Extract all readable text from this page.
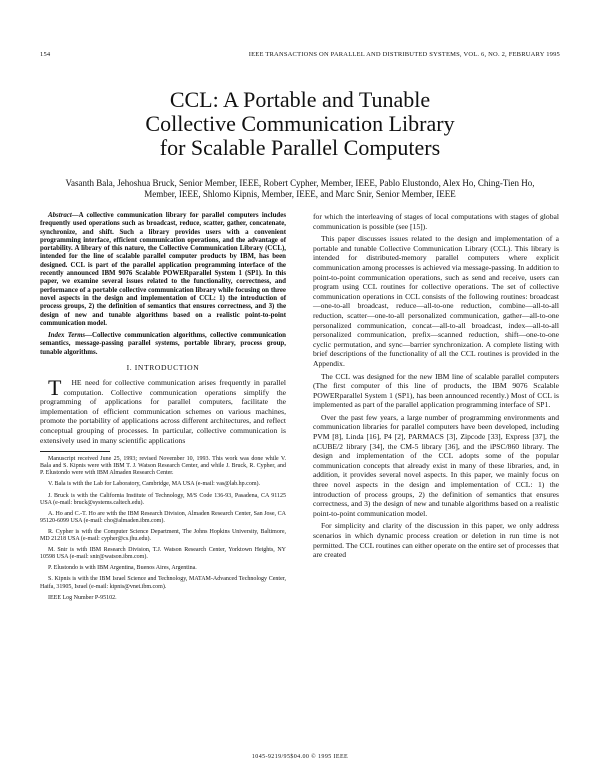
154	IEEE TRANSACTIONS ON PARALLEL AND DISTRIBUTED SYSTEMS, VOL. 6, NO. 2, FEBRUARY 1995
CCL: A Portable and Tunable
Collective Communication Library
for Scalable Parallel Computers
Vasanth Bala, Jehoshua Bruck, Senior Member, IEEE, Robert Cypher, Member, IEEE, Pablo Elustondo, Alex Ho, Ching-Tien Ho, Member, IEEE, Shlomo Kipnis, Member, IEEE, and Marc Snir, Senior Member, IEEE

Abstract—A collective communication library for parallel computers includes frequently used operations such as broadcast, reduce, scatter, gather, concatenate, synchronize, and shift. Such a library provides users with a convenient programming interface, efficient communication operations, and the advantage of portability. A library of this nature, the Collective Communication Library (CCL), intended for the line of scalable parallel computer products by IBM, has been designed. CCL is part of the parallel application programming interface of the recently announced IBM 9076 Scalable POWERparallel System 1 (SP1). In this paper, we examine several issues related to the functionality, correctness, and performance of a portable collective communication library while focusing on three novel aspects in the design and implementation of CCL: 1) the introduction of process groups, 2) the definition of semantics that ensures correctness, and 3) the design of new and tunable algorithms based on a realistic point-to-point communication model.

Index Terms—Collective communication algorithms, collective communication semantics, message-passing parallel systems, portable library, process group, tunable algorithms.

I. INTRODUCTION

T HE need for collective communication arises frequently in parallel computation. Collective communication operations simplify the programming of applications for parallel computers, facilitate the implementation of efficient communication schemes on various machines, promote the portability of applications across different architectures, and reflect conceptual grouping of processes. In particular, collective communication is extensively used in many scientific applications

Manuscript received June 25, 1993; revised November 10, 1993. This work was done while V. Bala and S. Kipnis were with IBM T. J. Watson Research Center, and while J. Bruck, R. Cypher, and P. Elustondo were with IBM Almaden Research Center.

V. Bala is with the Lab for Laboratory, Cambridge, MA USA (e-mail: vas@lab.hp.com).

J. Bruck is with the California Institute of Technology, M/S Code 136-93, Pasadena, CA 91125 USA (e-mail: bruck@systems.caltech.edu).

A. Ho and C.-T. Ho are with the IBM Research Division, Almaden Research Center, San Jose, CA 95120-6099 USA (e-mail: cho@almaden.ibm.com).

R. Cypher is with the Computer Science Department, The Johns Hopkins University, Baltimore, MD 21218 USA (e-mail: cypher@cs.jhu.edu).

M. Snir is with IBM Research Division, T.J. Watson Research Center, Yorktown Heights, NY 10598 USA (e-mail: snir@watson.ibm.com).

P. Elustondo is with IBM Argentina, Buenos Aires, Argentina.

S. Kipnis is with the IBM Israel Science and Technology, MATAM-Advanced Technology Center, Haifa, 31905, Israel (e-mail: kipnis@vnet.ibm.com).

IEEE Log Number P-95102.

for which the interleaving of stages of local computations with stages of global communication is possible (see [15]).

This paper discusses issues related to the design and implementation of a portable and tunable Collective Communication Library (CCL). This library is intended for distributed-memory parallel computers where explicit communication among processes is achieved via message-passing. In addition to point-to-point communication operations, such as send and receive, users can program using CCL routines for collective operations. The set of collective communication operations in CCL consists of the following routines: broadcast—one-to-all broadcast, reduce—all-to-one reduction, combine—all-to-all reduction, scatter—one-to-all personalized communication, gather—all-to-one personalized communication, concat—all-to-all broadcast, index—all-to-all personalized communication, prefix—scanned reduction, shift—one-to-one cyclic permutation, and sync—barrier synchronization. A complete listing with brief descriptions of the functionality of all the CCL routines is provided in the Appendix.

The CCL was designed for the new IBM line of scalable parallel computers (The first computer of this line of products, the IBM 9076 Scalable POWERparallel System 1 (SP1), has been announced recently.) Most of CCL is implemented as part of the parallel application programming interface of SP1.

Over the past few years, a large number of programming environments and communication libraries for parallel computers have been developed, including PVM [8], Linda [16], P4 [2], PARMACS [3], Zipcode [33], Express [37], the nCUBE/2 library [34], the CM-5 library [36], and the iPSC/860 library. The design and implementation of the CCL adopts some of the popular communication concepts that already exist in many of these libraries, and, in addition, it provides several novel aspects. In this paper, we mainly focus on three novel aspects in the design and implementation of CCL: 1) the introduction of process groups, 2) the definition of semantics that ensures correctness, and 3) the design of new and tunable algorithms based on a realistic point-to-point communication model.

For simplicity and clarity of the discussion in this paper, we only address scenarios in which dynamic process creation or deletion in run time is not permitted. The CCL routines can either operate on the entire set of processes that are created

1045-9219/95$04.00 © 1995 IEEE
